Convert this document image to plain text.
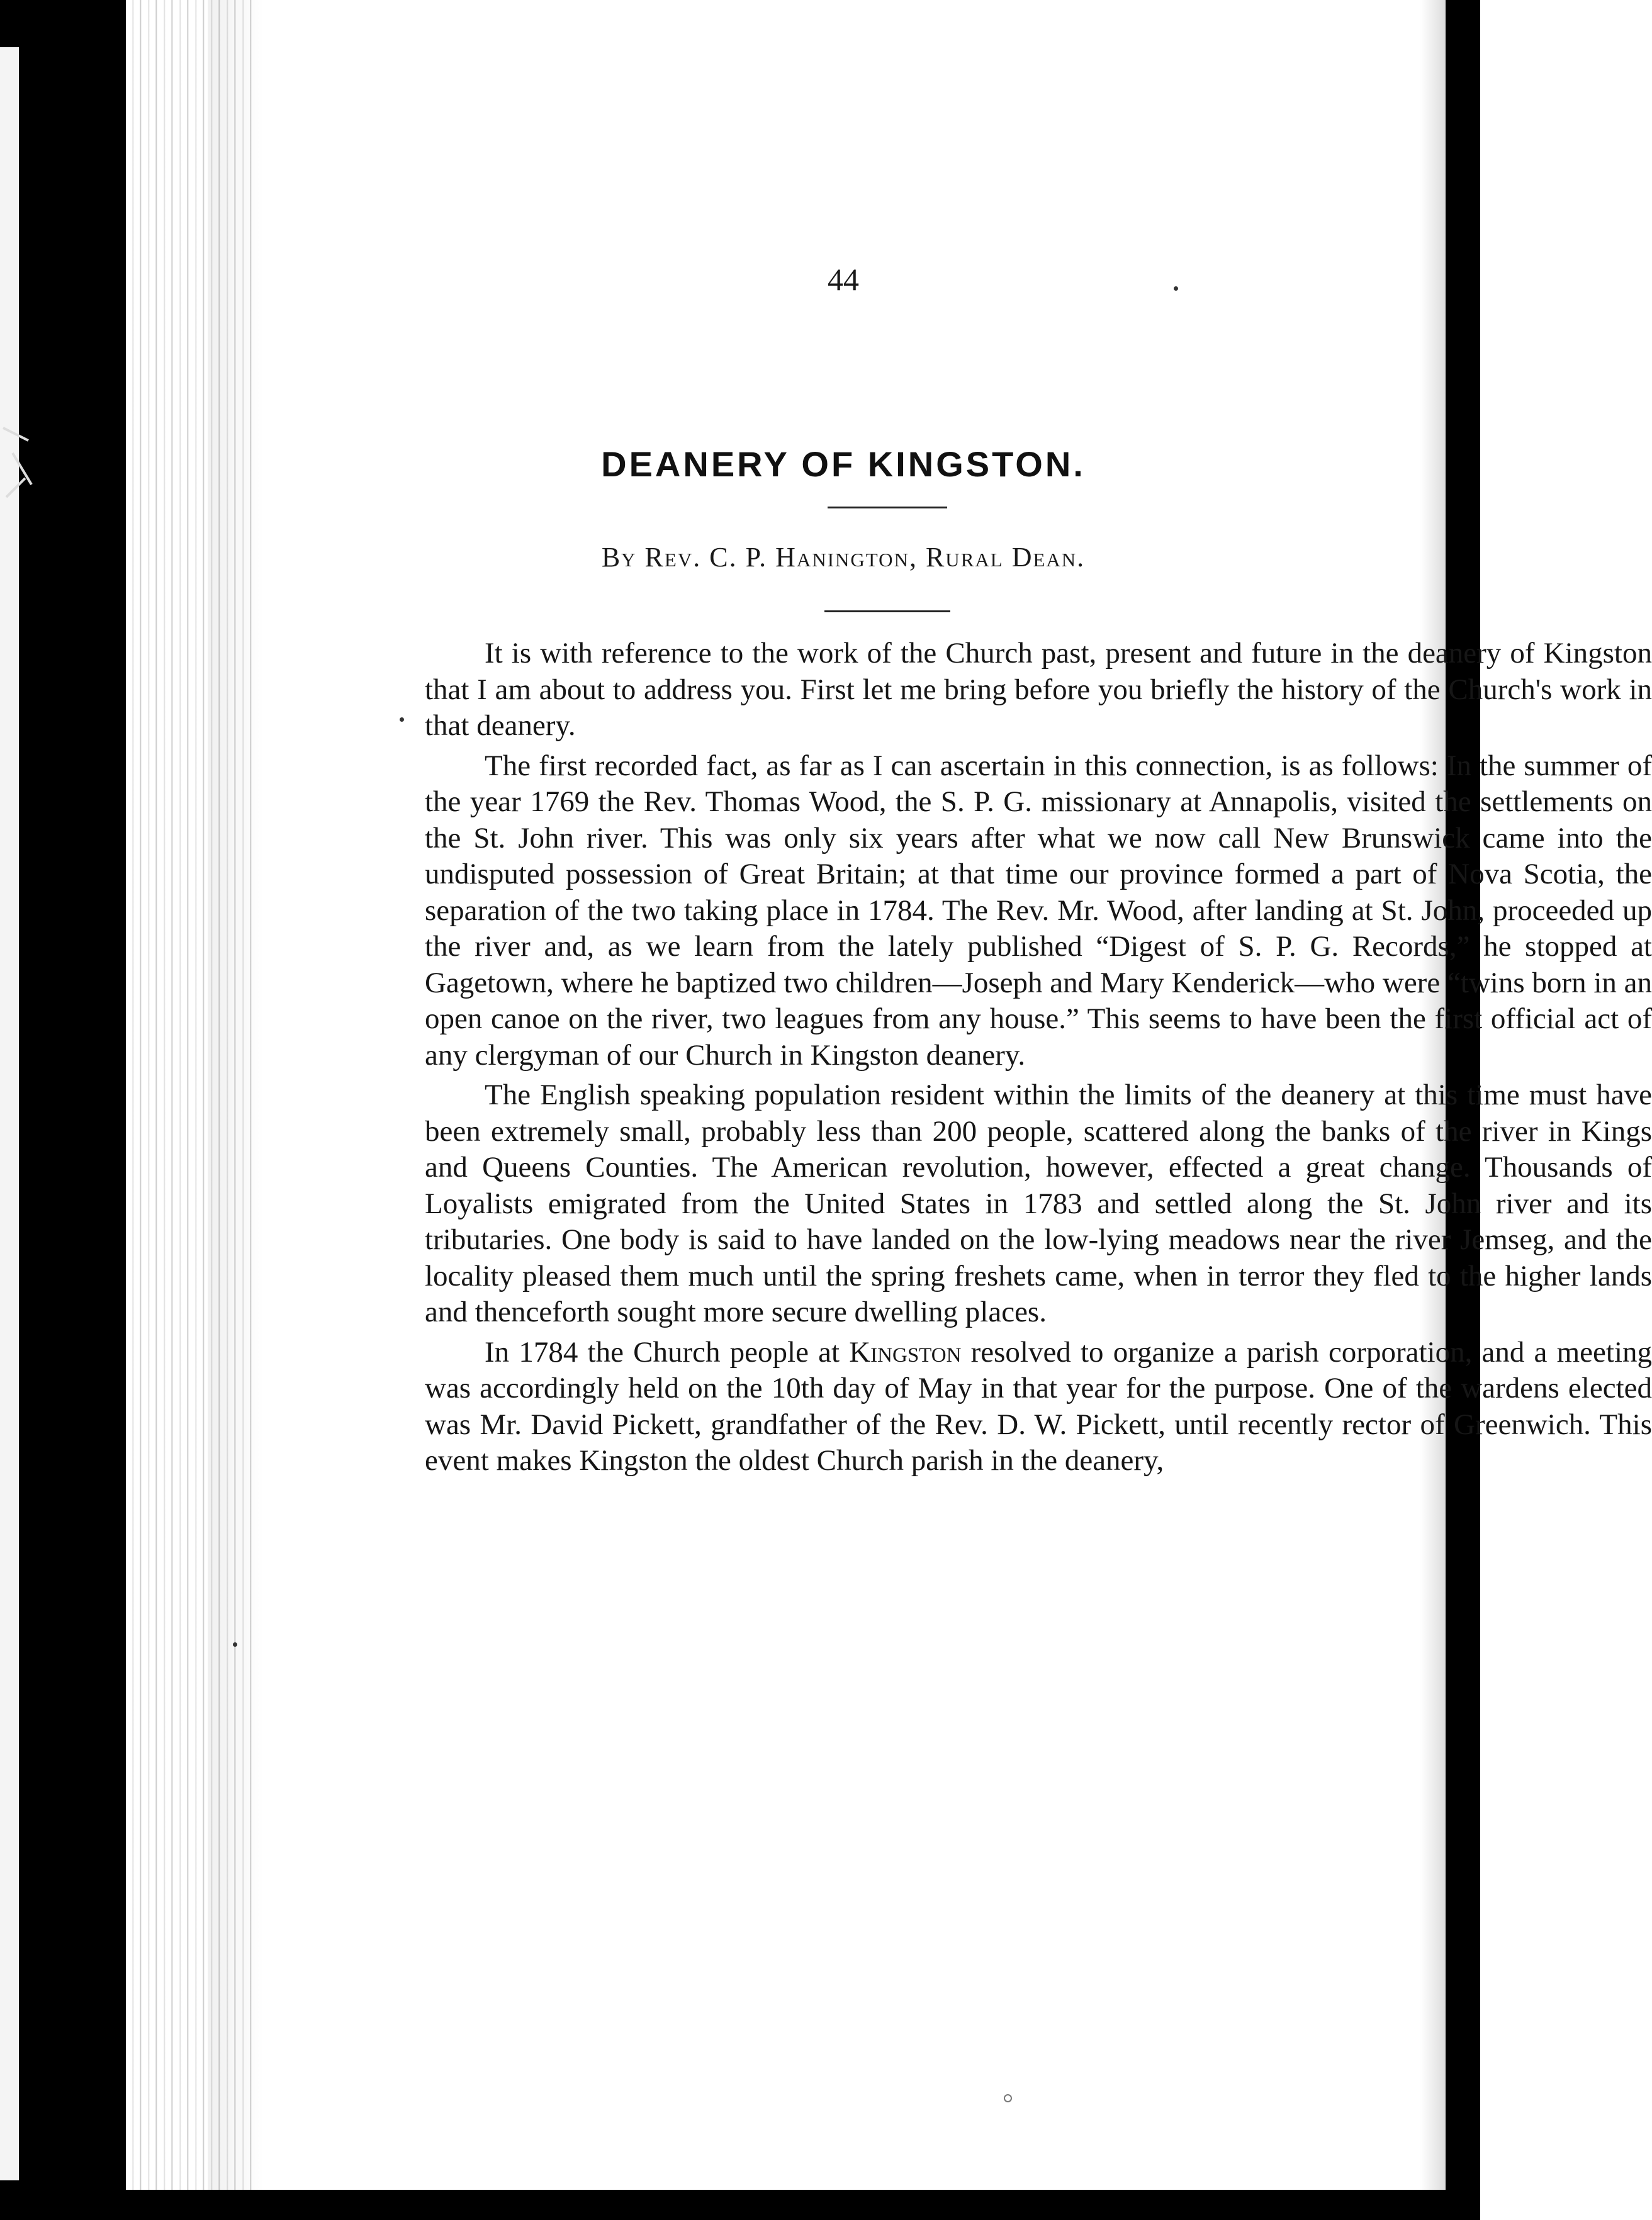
44
DEANERY OF KINGSTON.
By Rev. C. P. Hanington, Rural Dean.

It is with reference to the work of the Church past, present and future in the deanery of Kingston that I am about to address you. First let me bring before you briefly the history of the Church's work in that deanery.

The first recorded fact, as far as I can ascertain in this connection, is as follows: In the summer of the year 1769 the Rev. Thomas Wood, the S. P. G. missionary at Annapolis, visited the settlements on the St. John river. This was only six years after what we now call New Brunswick came into the undisputed possession of Great Britain; at that time our province formed a part of Nova Scotia, the separation of the two taking place in 1784. The Rev. Mr. Wood, after landing at St. John, proceeded up the river and, as we learn from the lately published “Digest of S. P. G. Records,” he stopped at Gagetown, where he baptized two children—Joseph and Mary Kenderick—who were “twins born in an open canoe on the river, two leagues from any house.” This seems to have been the first official act of any clergyman of our Church in Kingston deanery.

The English speaking population resident within the limits of the deanery at this time must have been extremely small, probably less than 200 people, scattered along the banks of the river in Kings and Queens Counties. The American revolution, however, effected a great change. Thousands of Loyalists emigrated from the United States in 1783 and settled along the St. John river and its tributaries. One body is said to have landed on the low-lying meadows near the river Jemseg, and the locality pleased them much until the spring freshets came, when in terror they fled to the higher lands and thenceforth sought more secure dwelling places.

In 1784 the Church people at Kingston resolved to organize a parish corporation, and a meeting was accordingly held on the 10th day of May in that year for the purpose. One of the wardens elected was Mr. David Pickett, grandfather of the Rev. D. W. Pickett, until recently rector of Greenwich. This event makes Kingston the oldest Church parish in the deanery,
